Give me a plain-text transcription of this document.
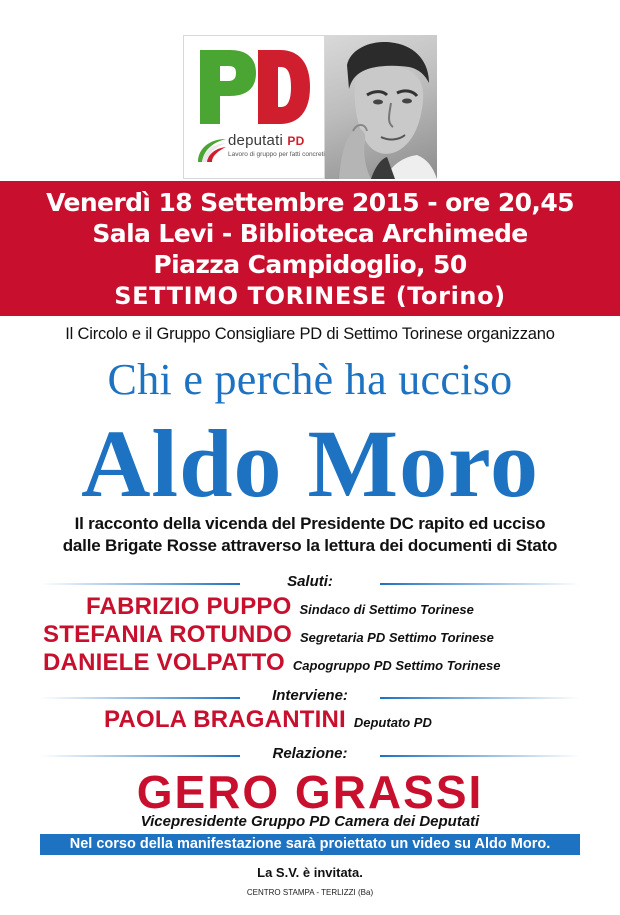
deputati PD
Lavoro di gruppo per fatti concreti
Venerdì 18 Settembre 2015 - ore 20,45
Sala Levi - Biblioteca Archimede
Piazza Campidoglio, 50
SETTIMO TORINESE (Torino)
Il Circolo e il Gruppo Consigliare PD di Settimo Torinese organizzano
Chi e perchè ha ucciso
Aldo Moro
Il racconto della vicenda del Presidente DC rapito ed ucciso
dalle Brigate Rosse attraverso la lettura dei documenti di Stato
Saluti:
FABRIZIO PUPPO Sindaco di Settimo Torinese
STEFANIA ROTUNDO Segretaria PD Settimo Torinese
DANIELE VOLPATTO Capogruppo PD Settimo Torinese
Interviene:
PAOLA BRAGANTINI Deputato PD
Relazione:
GERO GRASSI
Vicepresidente Gruppo PD Camera dei Deputati
Nel corso della manifestazione sarà proiettato un video su Aldo Moro.
La S.V. è invitata.
CENTRO STAMPA - TERLIZZI (Ba)
